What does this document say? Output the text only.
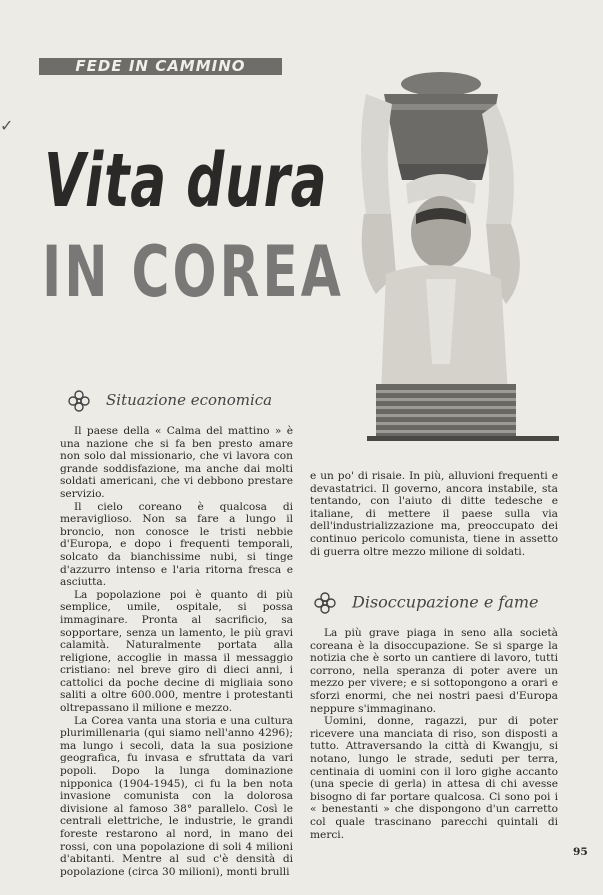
✓
FEDE IN CAMMINO
Vita dura
IN COREA
Situazione economica
Disoccupazione e fame

Il paese della « Calma del mattino » è una nazione che si fa ben presto amare non solo dal missionario, che vi lavora con grande soddisfazione, ma anche dai molti soldati americani, che vi debbono prestare servizio.

Il cielo coreano è qualcosa di meraviglioso. Non sa fare a lungo il broncio, non conosce le tristi nebbie d'Europa, e dopo i frequenti temporali, solcato da bianchissime nubi, si tinge d'azzurro intenso e l'aria ritorna fresca e asciutta.

La popolazione poi è quanto di più semplice, umile, ospitale, si possa immaginare. Pronta al sacrificio, sa sopportare, senza un lamento, le più gravi calamità. Naturalmente portata alla religione, accoglie in massa il messaggio cristiano: nel breve giro di dieci anni, i cattolici da poche decine di migliaia sono saliti a oltre 600.000, mentre i protestanti oltrepassano il milione e mezzo.

La Corea vanta una storia e una cultura plurimillenaria (qui siamo nell'anno 4296); ma lungo i secoli, data la sua posizione geografica, fu invasa e sfruttata da vari popoli. Dopo la lunga dominazione nipponica (1904-1945), ci fu la ben nota invasione comunista con la dolorosa divisione al famoso 38° parallelo. Così le centrali elettriche, le industrie, le grandi foreste restarono al nord, in mano dei rossi, con una popolazione di soli 4 milioni d'abitanti. Mentre al sud c'è densità di popolazione (circa 30 milioni), monti brulli

e un po' di risaie. In più, alluvioni frequenti e devastatrici. Il governo, ancora instabile, sta tentando, con l'aiuto di ditte tedesche e italiane, di mettere il paese sulla via dell'industrializzazione ma, preoccupato dei continuo pericolo comunista, tiene in assetto di guerra oltre mezzo milione di soldati.

La più grave piaga in seno alla società coreana è la disoccupazione. Se si sparge la notizia che è sorto un cantiere di lavoro, tutti corrono, nella speranza di poter avere un mezzo per vivere; e si sottopongono a orari e sforzi enormi, che nei nostri paesi d'Europa neppure s'immaginano.

Uomini, donne, ragazzi, pur di poter ricevere una manciata di riso, son disposti a tutto. Attraversando la città di Kwangju, si notano, lungo le strade, seduti per terra, centinaia di uomini con il loro gighe accanto (una specie di gerla) in attesa di chi avesse bisogno di far portare qualcosa. Ci sono poi i « benestanti » che dispongono d'un carretto col quale trascinano parecchi quintali di merci.

95
